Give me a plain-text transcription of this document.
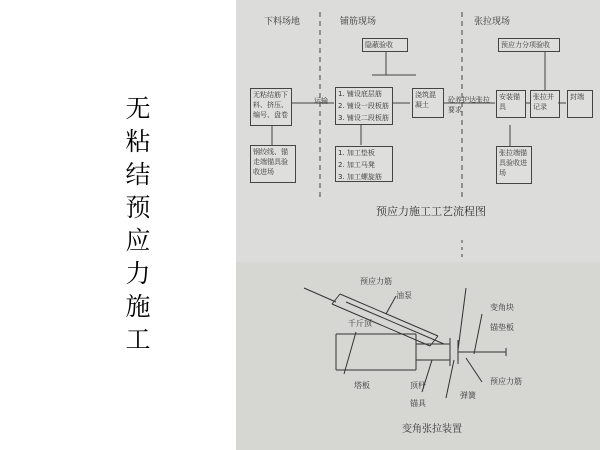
无
粘
结
预
应
力
施
工
下料场地	铺筋现场	张拉现场
无粘结筋下料、挤压、编号、盘卷
钢绞线、锚走端锚具验收进场
运输
隐蔽验收
1. 铺设底层筋
2. 铺设一段板筋
3. 铺设二段板筋
1. 加工垫板
2. 加工马凳
3. 加工螺旋筋
浇筑混凝土
砼养护达张拉要求
预应力分项验收
安装锚具
张拉并记录
封端
张拉端锚具验收进场
预应力施工工艺流程图
预应力筋
油泵
千斤顶
变角块
锚垫板
预应力筋
塔板	顶杆
锚具
弹簧
变角张拉装置
